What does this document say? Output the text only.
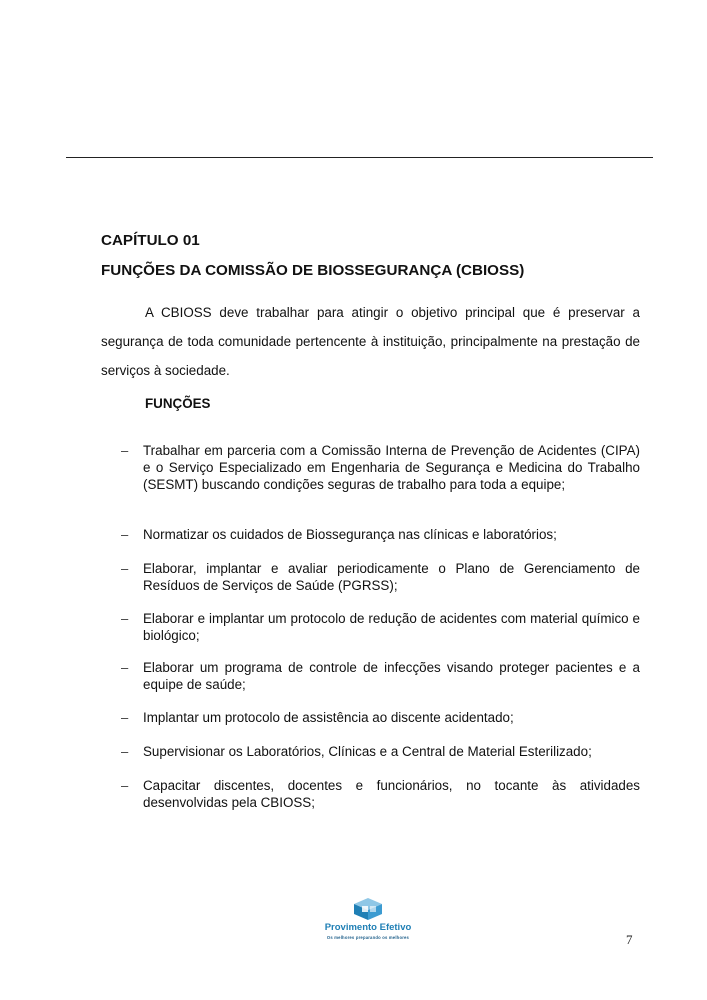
CAPÍTULO 01
FUNÇÕES DA COMISSÃO DE BIOSSEGURANÇA (CBIOSS)

A CBIOSS deve trabalhar para atingir o objetivo principal que é preservar a segurança de toda comunidade pertencente à instituição, principalmente na prestação de serviços à sociedade.

FUNÇÕES

– Trabalhar em parceria com a Comissão Interna de Prevenção de Acidentes (CIPA) e o Serviço Especializado em Engenharia de Segurança e Medicina do Trabalho (SESMT) buscando condições seguras de trabalho para toda a equipe;
– Normatizar os cuidados de Biossegurança nas clínicas e laboratórios;
– Elaborar, implantar e avaliar periodicamente o Plano de Gerenciamento de Resíduos de Serviços de Saúde (PGRSS);
– Elaborar e implantar um protocolo de redução de acidentes com material químico e biológico;
– Elaborar um programa de controle de infecções visando proteger pacientes e a equipe de saúde;
– Implantar um protocolo de assistência ao discente acidentado;
– Supervisionar os Laboratórios, Clínicas e a Central de Material Esterilizado;
– Capacitar discentes, docentes e funcionários, no tocante às atividades desenvolvidas pela CBIOSS;
Provimento Efetivo
Os melhores preparando os melhores	7
